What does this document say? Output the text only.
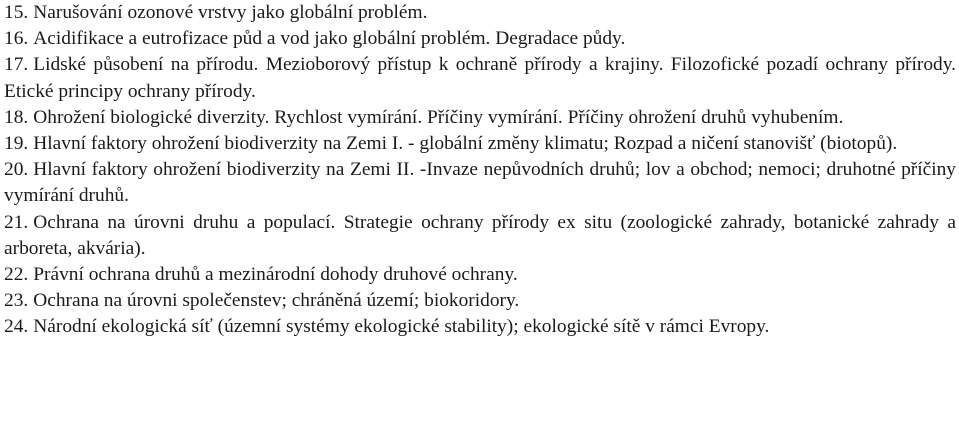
15. Narušování ozonové vrstvy jako globální problém.

16. Acidifikace a eutrofizace půd a vod jako globální problém. Degradace půdy.

17. Lidské působení na přírodu. Mezioborový přístup k ochraně přírody a krajiny. Filozofické pozadí ochrany přírody. Etické principy ochrany přírody.

18. Ohrožení biologické diverzity. Rychlost vymírání. Příčiny vymírání. Příčiny ohrožení druhů vyhubením.

19. Hlavní faktory ohrožení biodiverzity na Zemi I. - globální změny klimatu; Rozpad a ničení stanovišť (biotopů).

20. Hlavní faktory ohrožení biodiverzity na Zemi II. -Invaze nepůvodních druhů; lov a obchod; nemoci; druhotné příčiny vymírání druhů.

21. Ochrana na úrovni druhu a populací. Strategie ochrany přírody ex situ (zoologické zahrady, botanické zahrady a arboreta, akvária).

22. Právní ochrana druhů a mezinárodní dohody druhové ochrany.

23. Ochrana na úrovni společenstev; chráněná území; biokoridory.

24. Národní ekologická síť (územní systémy ekologické stability); ekologické sítě v rámci Evropy.
